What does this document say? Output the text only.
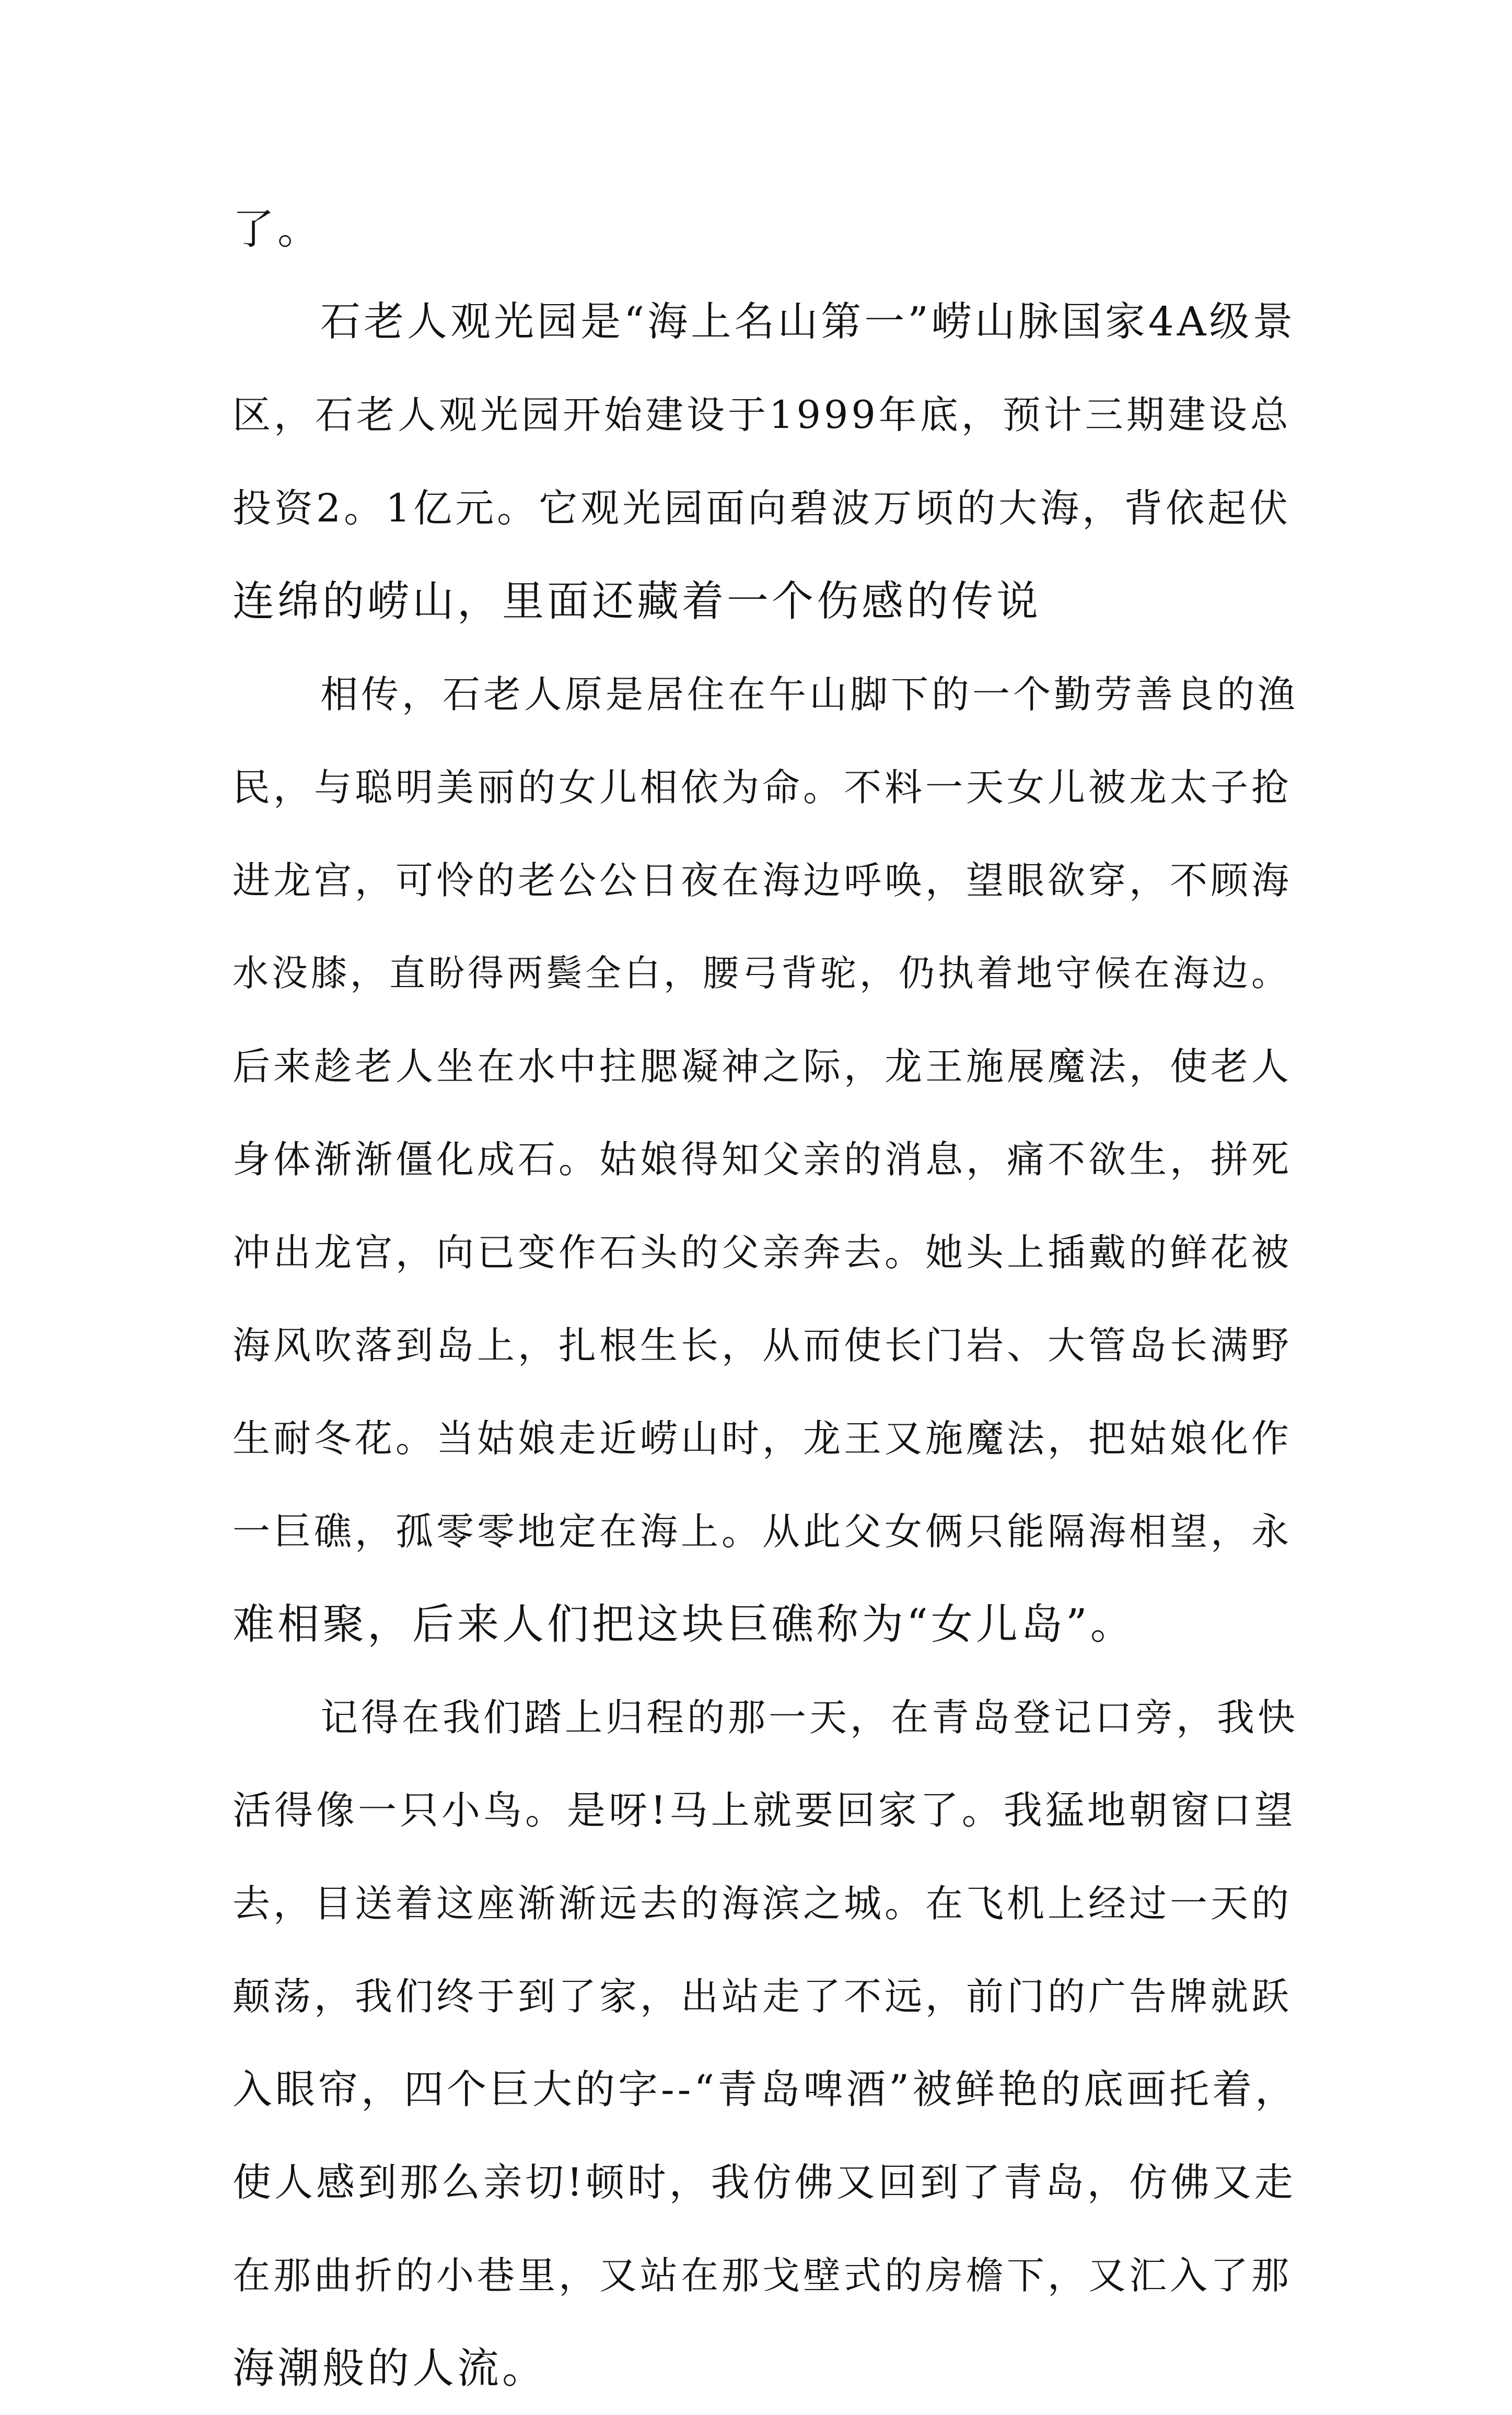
了。
石老人观光园是“海上名山第一”崂山脉国家4A级景
区，石老人观光园开始建设于1999年底，预计三期建设总
投资2。1亿元。它观光园面向碧波万顷的大海，背依起伏
连绵的崂山，里面还藏着一个伤感的传说
相传，石老人原是居住在午山脚下的一个勤劳善良的渔
民，与聪明美丽的女儿相依为命。不料一天女儿被龙太子抢
进龙宫，可怜的老公公日夜在海边呼唤，望眼欲穿，不顾海
水没膝，直盼得两鬓全白，腰弓背驼，仍执着地守候在海边。
后来趁老人坐在水中拄腮凝神之际，龙王施展魔法，使老人
身体渐渐僵化成石。姑娘得知父亲的消息，痛不欲生，拼死
冲出龙宫，向已变作石头的父亲奔去。她头上插戴的鲜花被
海风吹落到岛上，扎根生长，从而使长门岩、大管岛长满野
生耐冬花。当姑娘走近崂山时，龙王又施魔法，把姑娘化作
一巨礁，孤零零地定在海上。从此父女俩只能隔海相望，永
难相聚，后来人们把这块巨礁称为“女儿岛”。
记得在我们踏上归程的那一天，在青岛登记口旁，我快
活得像一只小鸟。是呀!马上就要回家了。我猛地朝窗口望
去，目送着这座渐渐远去的海滨之城。在飞机上经过一天的
颠荡，我们终于到了家，出站走了不远，前门的广告牌就跃
入眼帘，四个巨大的字--“青岛啤酒”被鲜艳的底画托着，
使人感到那么亲切!顿时，我仿佛又回到了青岛，仿佛又走
在那曲折的小巷里，又站在那戈壁式的房檐下，又汇入了那
海潮般的人流。
